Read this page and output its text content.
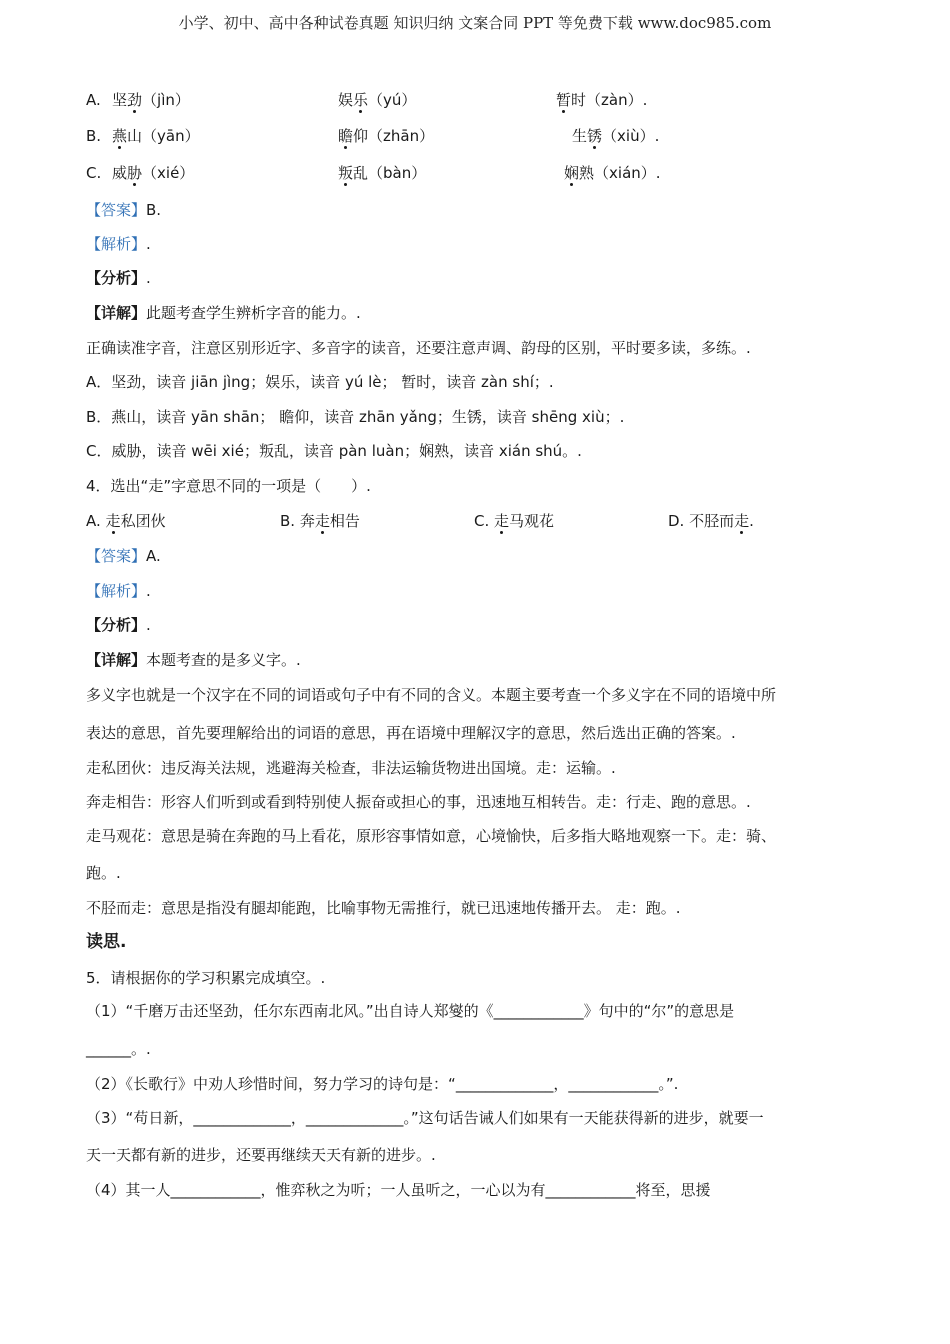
小学、初中、高中各种试卷真题 知识归纳 文案合同 PPT 等免费下载 www.doc985.com
A. 坚劲（jìn）	娱乐（yú）	暂时（zàn）.
B. 燕山（yān）	瞻仰（zhān）	生锈（xiù）.
C. 威胁（xié）	叛乱（bàn）	娴熟（xián）.
【答案】B.
【解析】.
【分析】.
【详解】此题考查学生辨析字音的能力。.
正确读准字音，注意区别形近字、多音字的读音，还要注意声调、韵母的区别，平时要多读，多练。.
A．坚劲，读音 jiān jìng；娱乐，读音 yú lè； 暂时，读音 zàn shí；.
B．燕山，读音 yān shān； 瞻仰，读音 zhān yǎng；生锈，读音 shēng xiù；.
C．威胁，读音 wēi xié；叛乱，读音 pàn luàn；娴熟，读音 xián shú。.
4．选出“走”字意思不同的一项是（　　）.
A. 走私团伙	B. 奔走相告	C. 走马观花	D. 不胫而走.
【答案】A.
【解析】.
【分析】.
【详解】本题考查的是多义字。.
多义字也就是一个汉字在不同的词语或句子中有不同的含义。本题主要考查一个多义字在不同的语境中所
表达的意思，首先要理解给出的词语的意思，再在语境中理解汉字的意思，然后选出正确的答案。.
走私团伙：违反海关法规，逃避海关检查，非法运输货物进出国境。走：运输。.
奔走相告：形容人们听到或看到特别使人振奋或担心的事，迅速地互相转告。走：行走、跑的意思。.
走马观花：意思是骑在奔跑的马上看花，原形容事情如意，心境愉快，后多指大略地观察一下。走：骑、
跑。.
不胫而走：意思是指没有腿却能跑，比喻事物无需推行，就已迅速地传播开去。 走：跑。.
读思.
5．请根据你的学习积累完成填空。.
（1）“千磨万击还坚劲，任尔东西南北风。”出自诗人郑燮的《____________》句中的“尔”的意思是
______。.
（2）《长歌行》中劝人珍惜时间，努力学习的诗句是：“_____________，____________。”.
（3）“苟日新，_____________，_____________。”这句话告诫人们如果有一天能获得新的进步，就要一
天一天都有新的进步，还要再继续天天有新的进步。.
（4）其一人____________，惟弈秋之为听；一人虽听之，一心以为有____________将至，思援
